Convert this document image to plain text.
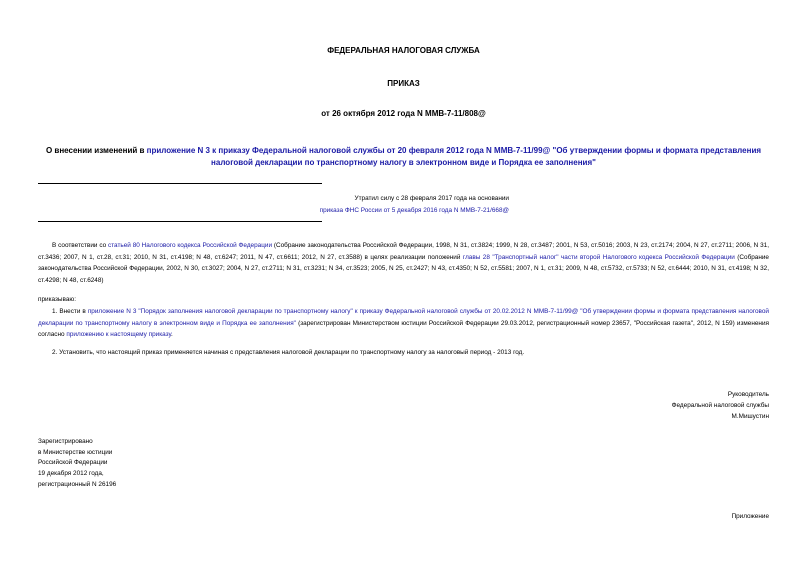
ФЕДЕРАЛЬНАЯ НАЛОГОВАЯ СЛУЖБА
ПРИКАЗ
от 26 октября 2012 года N ММВ-7-11/808@
О внесении изменений в приложение N 3 к приказу Федеральной налоговой службы от 20 февраля 2012 года N ММВ-7-11/99@ "Об утверждении формы и формата представления налоговой декларации по транспортному налогу в электронном виде и Порядка ее заполнения"
Утратил силу с 28 февраля 2017 года на основании
приказа ФНС России от 5 декабря 2016 года N ММВ-7-21/668@
В соответствии со статьей 80 Налогового кодекса Российской Федерации (Собрание законодательства Российской Федерации, 1998, N 31, ст.3824; 1999, N 28, ст.3487; 2001, N 53, ст.5016; 2003, N 23, ст.2174; 2004, N 27, ст.2711; 2006, N 31, ст.3436; 2007, N 1, ст.28, ст.31; 2010, N 31, ст.4198; N 48, ст.6247; 2011, N 47, ст.6611; 2012, N 27, ст.3588) в целях реализации положений главы 28 "Транспортный налог" части второй Налогового кодекса Российской Федерации (Собрание законодательства Российской Федерации, 2002, N 30, ст.3027; 2004, N 27, ст.2711; N 31, ст.3231; N 34, ст.3523; 2005, N 25, ст.2427; N 43, ст.4350; N 52, ст.5581; 2007, N 1, ст.31; 2009, N 48, ст.5732, ст.5733; N 52, ст.6444; 2010, N 31, ст.4198; N 32, ст.4298; N 48, ст.6248)
приказываю:
1. Внести в приложение N 3 "Порядок заполнения налоговой декларации по транспортному налогу" к приказу Федеральной налоговой службы от 20.02.2012 N ММВ-7-11/99@ "Об утверждении формы и формата представления налоговой декларации по транспортному налогу в электронном виде и Порядка ее заполнения" (зарегистрирован Министерством юстиции Российской Федерации 29.03.2012, регистрационный номер 23657, "Российская газета", 2012, N 159) изменения согласно приложению к настоящему приказу.
2. Установить, что настоящий приказ применяется начиная с представления налоговой декларации по транспортному налогу за налоговый период - 2013 год.
Руководитель
Федеральной налоговой службы
М.Мишустин
Зарегистрировано
в Министерстве юстиции
Российской Федерации
19 декабря 2012 года,
регистрационный N 26196
Приложение
